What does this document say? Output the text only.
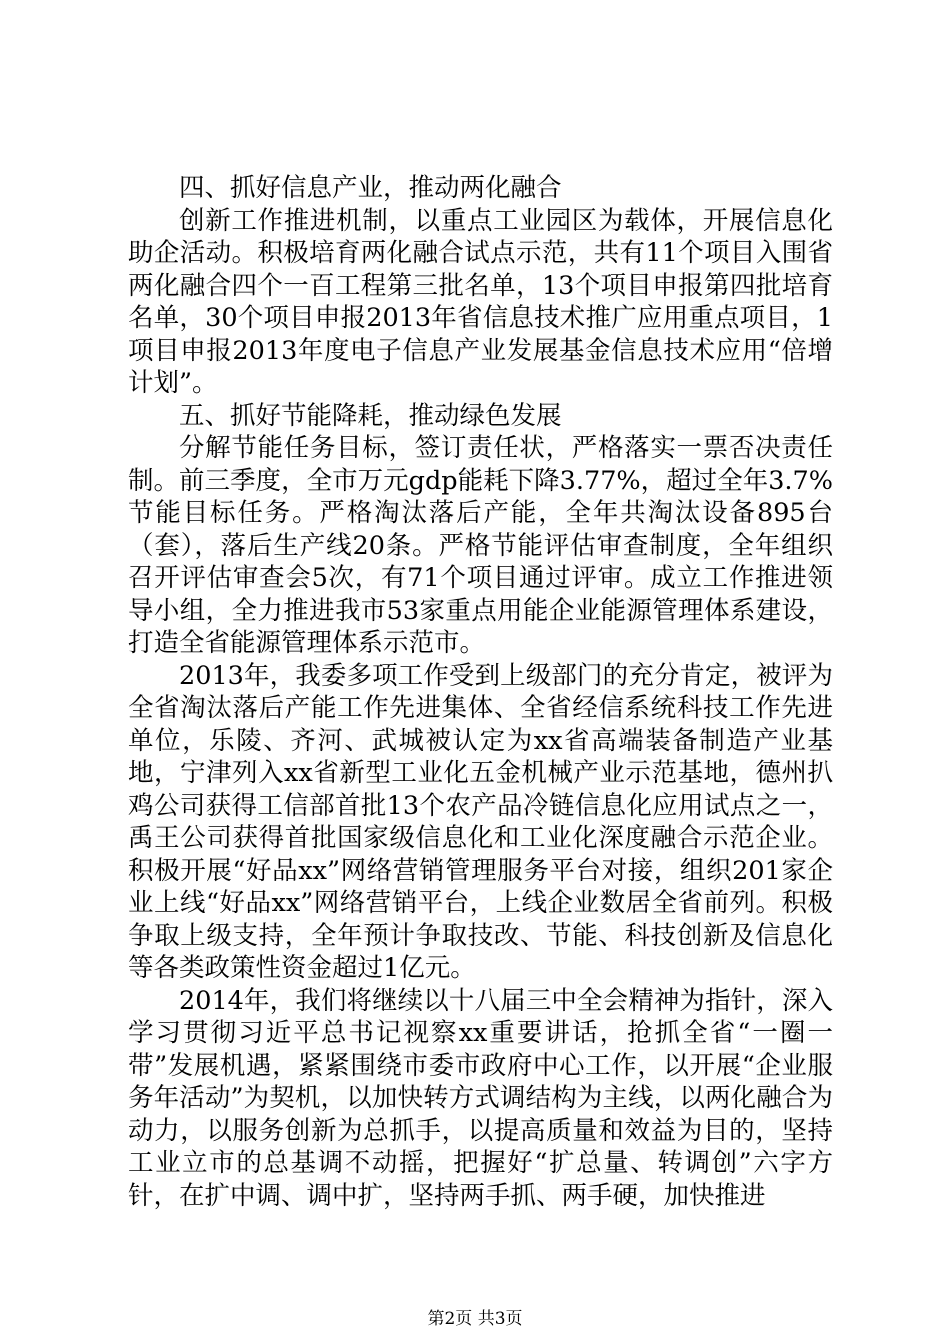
四、抓好信息产业，推动两化融合

创新工作推进机制，以重点工业园区为载体，开展信息化助企活动。积极培育两化融合试点示范，共有11个项目入围省两化融合四个一百工程第三批名单，13个项目申报第四批培育名单，30个项目申报2013年省信息技术推广应用重点项目，1项目申报2013年度电子信息产业发展基金信息技术应用“倍增计划”。

五、抓好节能降耗，推动绿色发展

分解节能任务目标，签订责任状，严格落实一票否决责任制。前三季度，全市万元gdp能耗下降3.77%，超过全年3.7%节能目标任务。严格淘汰落后产能，全年共淘汰设备895台（套），落后生产线20条。严格节能评估审查制度，全年组织召开评估审查会5次，有71个项目通过评审。成立工作推进领导小组，全力推进我市53家重点用能企业能源管理体系建设，打造全省能源管理体系示范市。

2013年，我委多项工作受到上级部门的充分肯定，被评为全省淘汰落后产能工作先进集体、全省经信系统科技工作先进单位，乐陵、齐河、武城被认定为xx省高端装备制造产业基地，宁津列入xx省新型工业化五金机械产业示范基地，德州扒鸡公司获得工信部首批13个农产品冷链信息化应用试点之一，禹王公司获得首批国家级信息化和工业化深度融合示范企业。积极开展“好品xx”网络营销管理服务平台对接，组织201家企业上线“好品xx”网络营销平台，上线企业数居全省前列。积极争取上级支持，全年预计争取技改、节能、科技创新及信息化等各类政策性资金超过1亿元。

2014年，我们将继续以十八届三中全会精神为指针，深入学习贯彻习近平总书记视察xx重要讲话，抢抓全省“一圈一带”发展机遇，紧紧围绕市委市政府中心工作，以开展“企业服务年活动”为契机，以加快转方式调结构为主线，以两化融合为动力，以服务创新为总抓手，以提高质量和效益为目的，坚持工业立市的总基调不动摇，把握好“扩总量、转调创”六字方针，在扩中调、调中扩，坚持两手抓、两手硬，加快推进

第2页 共3页
